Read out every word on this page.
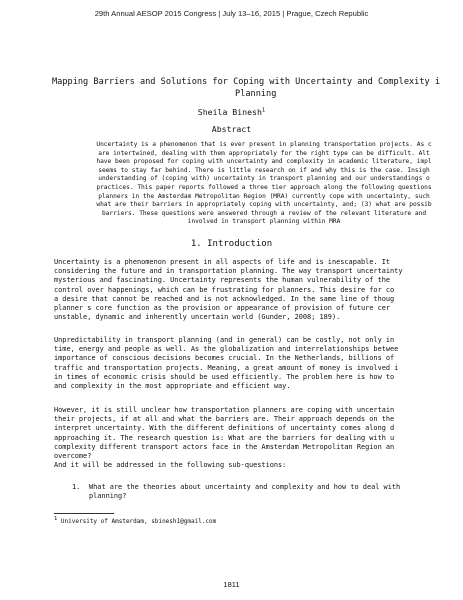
29th Annual AESOP 2015 Congress | July 13–16, 2015 | Prague, Czech Republic
Mapping Barriers and Solutions for Coping with Uncertainty and Complexity i
Planning
Sheila Binesh$^1$
Abstract
Uncertainty is a phenomenon that is ever present in planning transportation projects. As c
are intertwined, dealing with them appropriately for the right type can be difficult. Alt
have been proposed for coping with uncertainty and complexity in academic literature, impl
seems to stay far behind. There is little research on if and why this is the case. Insigh
understanding of (coping with) uncertainty in transport planning and our understandings o
practices. This paper reports followed a three tier approach along the following questions
planners in the Amsterdam Metropolitan Region (MRA) currently cope with uncertainty, such
what are their barriers in appropriately coping with uncertainty, and; (3) what are possib
barriers. These questions were answered through a review of the relevant literature and
involved in transport planning within MRA
1. Introduction
Uncertainty is a phenomenon present in all aspects of life and is inescapable. It
considering the future and in transportation planning. The way transport uncertainty
mysterious and fascinating. Uncertainty represents the human vulnerability of the
control over happenings, which can be frustrating for planners. This desire for co
a desire that cannot be reached and is not acknowledged. In the same line of thoug
planner s core function as the provision or appearance of provision of future cer
unstable, dynamic and inherently uncertain world (Gunder, 2008; 189).
Unpredictability in transport planning (and in general) can be costly, not only in
time, energy and people as well. As the globalization and interrelationships betwee
importance of conscious decisions becomes crucial. In the Netherlands, billions of
traffic and transportation projects. Meaning, a great amount of money is involved i
in times of economic crisis should be used efficiently. The problem here is how to
and complexity in the most appropriate and efficient way.
However, it is still unclear how transportation planners are coping with uncertain
their projects, if at all and what the barriers are. Their approach depends on the
interpret uncertainty. With the different definitions of uncertainty comes along d
approaching it. The research question is: What are the barriers for dealing with u
complexity different transport actors face in the Amsterdam Metropolitan Region an
overcome?
And it will be addressed in the following sub-questions:
1. What are the theories about uncertainty and complexity and how to deal with
planning?
1 University of Amsterdam, sbinesh1@gmail.com
1811
